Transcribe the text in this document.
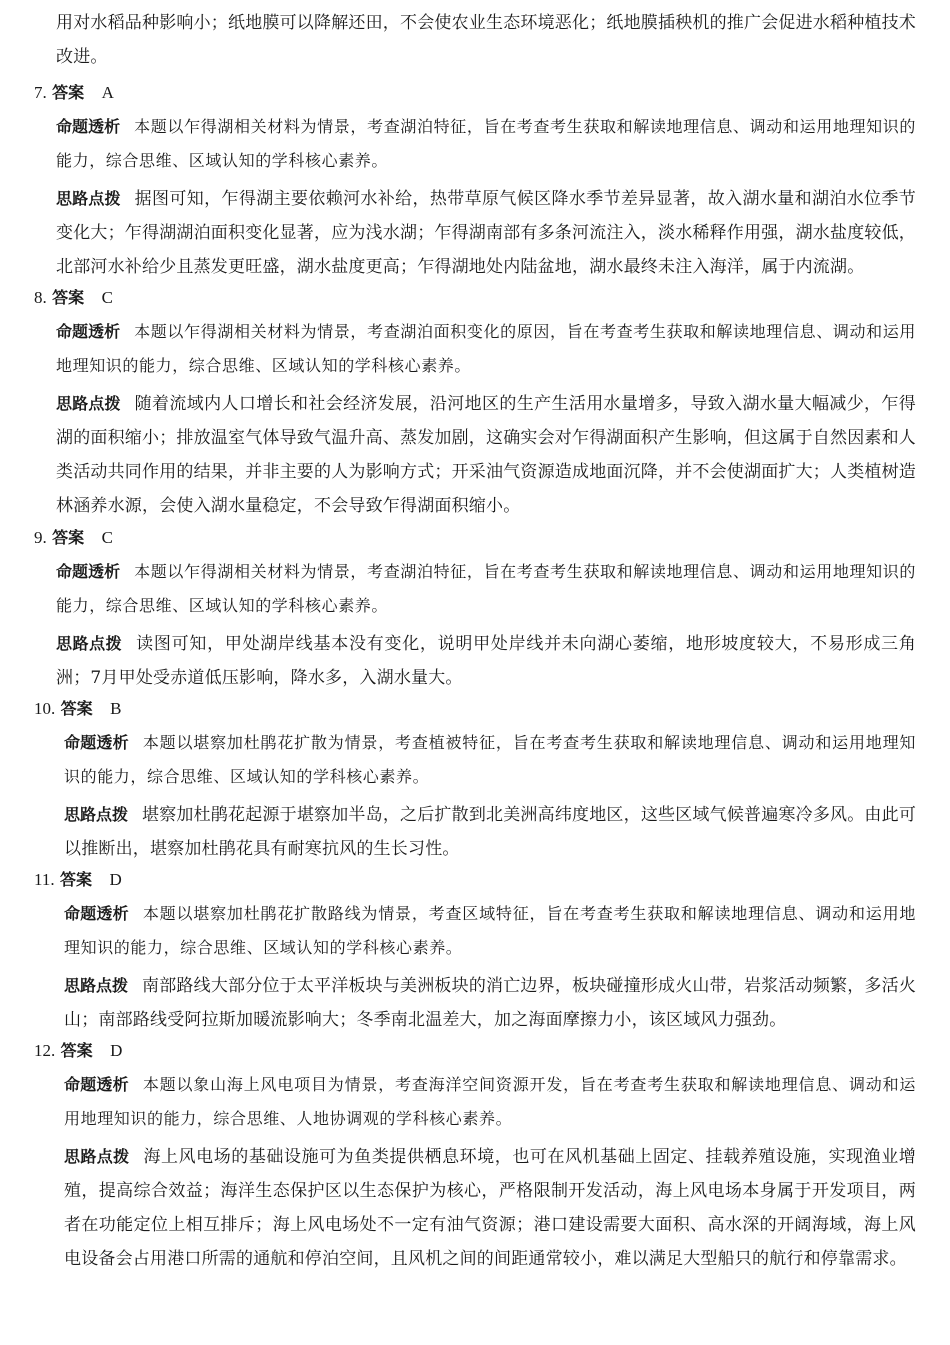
用对水稻品种影响小；纸地膜可以降解还田，不会使农业生态环境恶化；纸地膜插秧机的推广会促进水稻种植技术改进。
7. 答案 A
命题透析 本题以乍得湖相关材料为情景，考查湖泊特征，旨在考查考生获取和解读地理信息、调动和运用地理知识的能力，综合思维、区域认知的学科核心素养。
思路点拨 据图可知，乍得湖主要依赖河水补给，热带草原气候区降水季节差异显著，故入湖水量和湖泊水位季节变化大；乍得湖湖泊面积变化显著，应为浅水湖；乍得湖南部有多条河流注入，淡水稀释作用强，湖水盐度较低，北部河水补给少且蒸发更旺盛，湖水盐度更高；乍得湖地处内陆盆地，湖水最终未注入海洋，属于内流湖。
8. 答案 C
命题透析 本题以乍得湖相关材料为情景，考查湖泊面积变化的原因，旨在考查考生获取和解读地理信息、调动和运用地理知识的能力，综合思维、区域认知的学科核心素养。
思路点拨 随着流域内人口增长和社会经济发展，沿河地区的生产生活用水量增多，导致入湖水量大幅减少，乍得湖的面积缩小；排放温室气体导致气温升高、蒸发加剧，这确实会对乍得湖面积产生影响，但这属于自然因素和人类活动共同作用的结果，并非主要的人为影响方式；开采油气资源造成地面沉降，并不会使湖面扩大；人类植树造林涵养水源，会使入湖水量稳定，不会导致乍得湖面积缩小。
9. 答案 C
命题透析 本题以乍得湖相关材料为情景，考查湖泊特征，旨在考查考生获取和解读地理信息、调动和运用地理知识的能力，综合思维、区域认知的学科核心素养。
思路点拨 读图可知，甲处湖岸线基本没有变化，说明甲处岸线并未向湖心萎缩，地形坡度较大，不易形成三角洲；7月甲处受赤道低压影响，降水多，入湖水量大。
10. 答案 B
命题透析 本题以堪察加杜鹃花扩散为情景，考查植被特征，旨在考查考生获取和解读地理信息、调动和运用地理知识的能力，综合思维、区域认知的学科核心素养。
思路点拨 堪察加杜鹃花起源于堪察加半岛，之后扩散到北美洲高纬度地区，这些区域气候普遍寒冷多风。由此可以推断出，堪察加杜鹃花具有耐寒抗风的生长习性。
11. 答案 D
命题透析 本题以堪察加杜鹃花扩散路线为情景，考查区域特征，旨在考查考生获取和解读地理信息、调动和运用地理知识的能力，综合思维、区域认知的学科核心素养。
思路点拨 南部路线大部分位于太平洋板块与美洲板块的消亡边界，板块碰撞形成火山带，岩浆活动频繁，多活火山；南部路线受阿拉斯加暖流影响大；冬季南北温差大，加之海面摩擦力小，该区域风力强劲。
12. 答案 D
命题透析 本题以象山海上风电项目为情景，考查海洋空间资源开发，旨在考查考生获取和解读地理信息、调动和运用地理知识的能力，综合思维、人地协调观的学科核心素养。
思路点拨 海上风电场的基础设施可为鱼类提供栖息环境，也可在风机基础上固定、挂载养殖设施，实现渔业增殖，提高综合效益；海洋生态保护区以生态保护为核心，严格限制开发活动，海上风电场本身属于开发项目，两者在功能定位上相互排斥；海上风电场处不一定有油气资源；港口建设需要大面积、高水深的开阔海域，海上风电设备会占用港口所需的通航和停泊空间，且风机之间的间距通常较小，难以满足大型船只的航行和停靠需求。
